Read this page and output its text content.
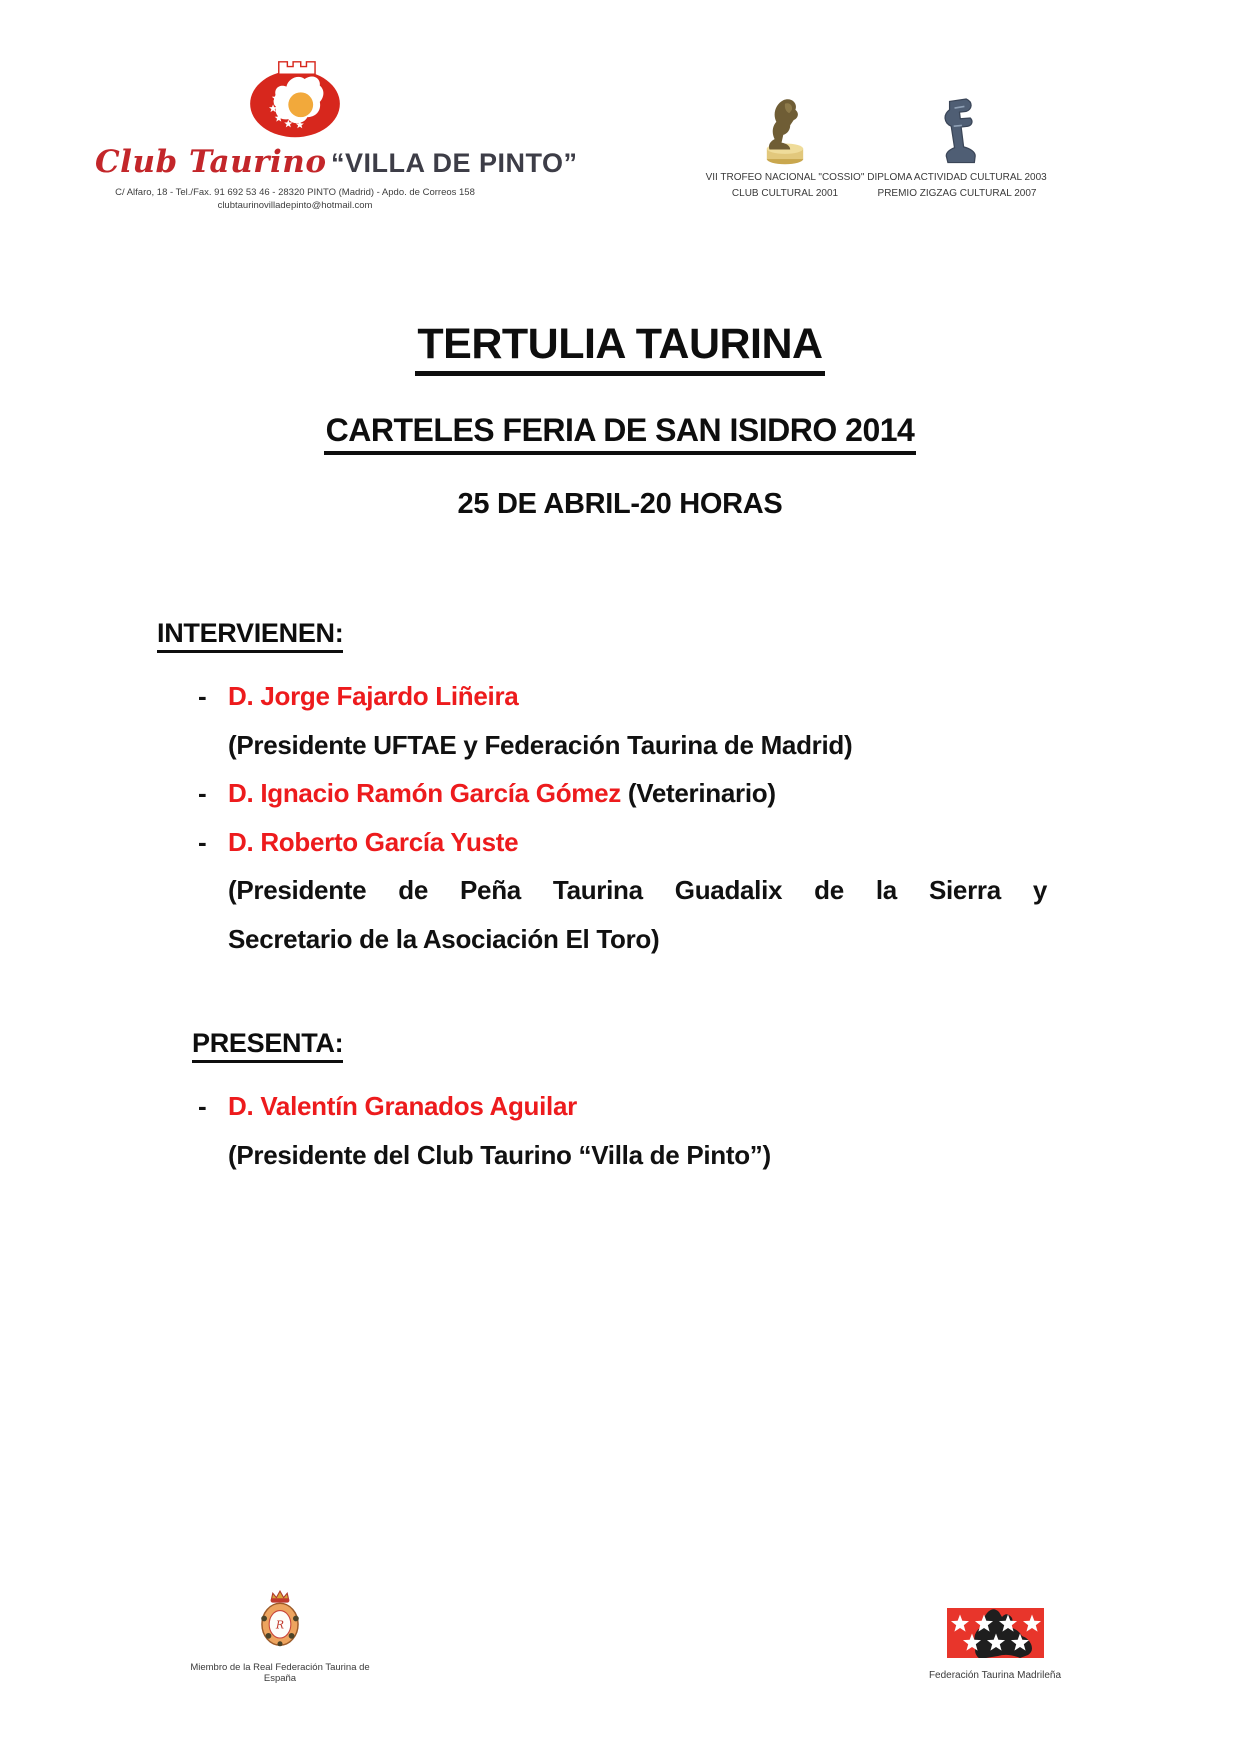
Club Taurino “VILLA DE PINTO”
C/ Alfaro, 18 - Tel./Fax. 91 692 53 46 - 28320 PINTO (Madrid) - Apdo. de Correos 158
clubtaurinovilladepinto@hotmail.com
VII TROFEO NACIONAL "COSSIO"
CLUB CULTURAL 2001
DIPLOMA ACTIVIDAD CULTURAL 2003
PREMIO ZIGZAG CULTURAL 2007
TERTULIA TAURINA
CARTELES FERIA DE SAN ISIDRO 2014
25 DE ABRIL-20 HORAS
INTERVIENEN:
- D. Jorge Fajardo Liñeira
(Presidente UFTAE y Federación Taurina de Madrid)
- D. Ignacio Ramón García Gómez (Veterinario)
- D. Roberto García Yuste
(Presidente de Peña Taurina Guadalix de la Sierra y
Secretario de la Asociación El Toro)
PRESENTA:
- D. Valentín Granados Aguilar
(Presidente del Club Taurino “Villa de Pinto”)
R
Miembro de la Real Federación Taurina de España	Federación Taurina Madrileña
